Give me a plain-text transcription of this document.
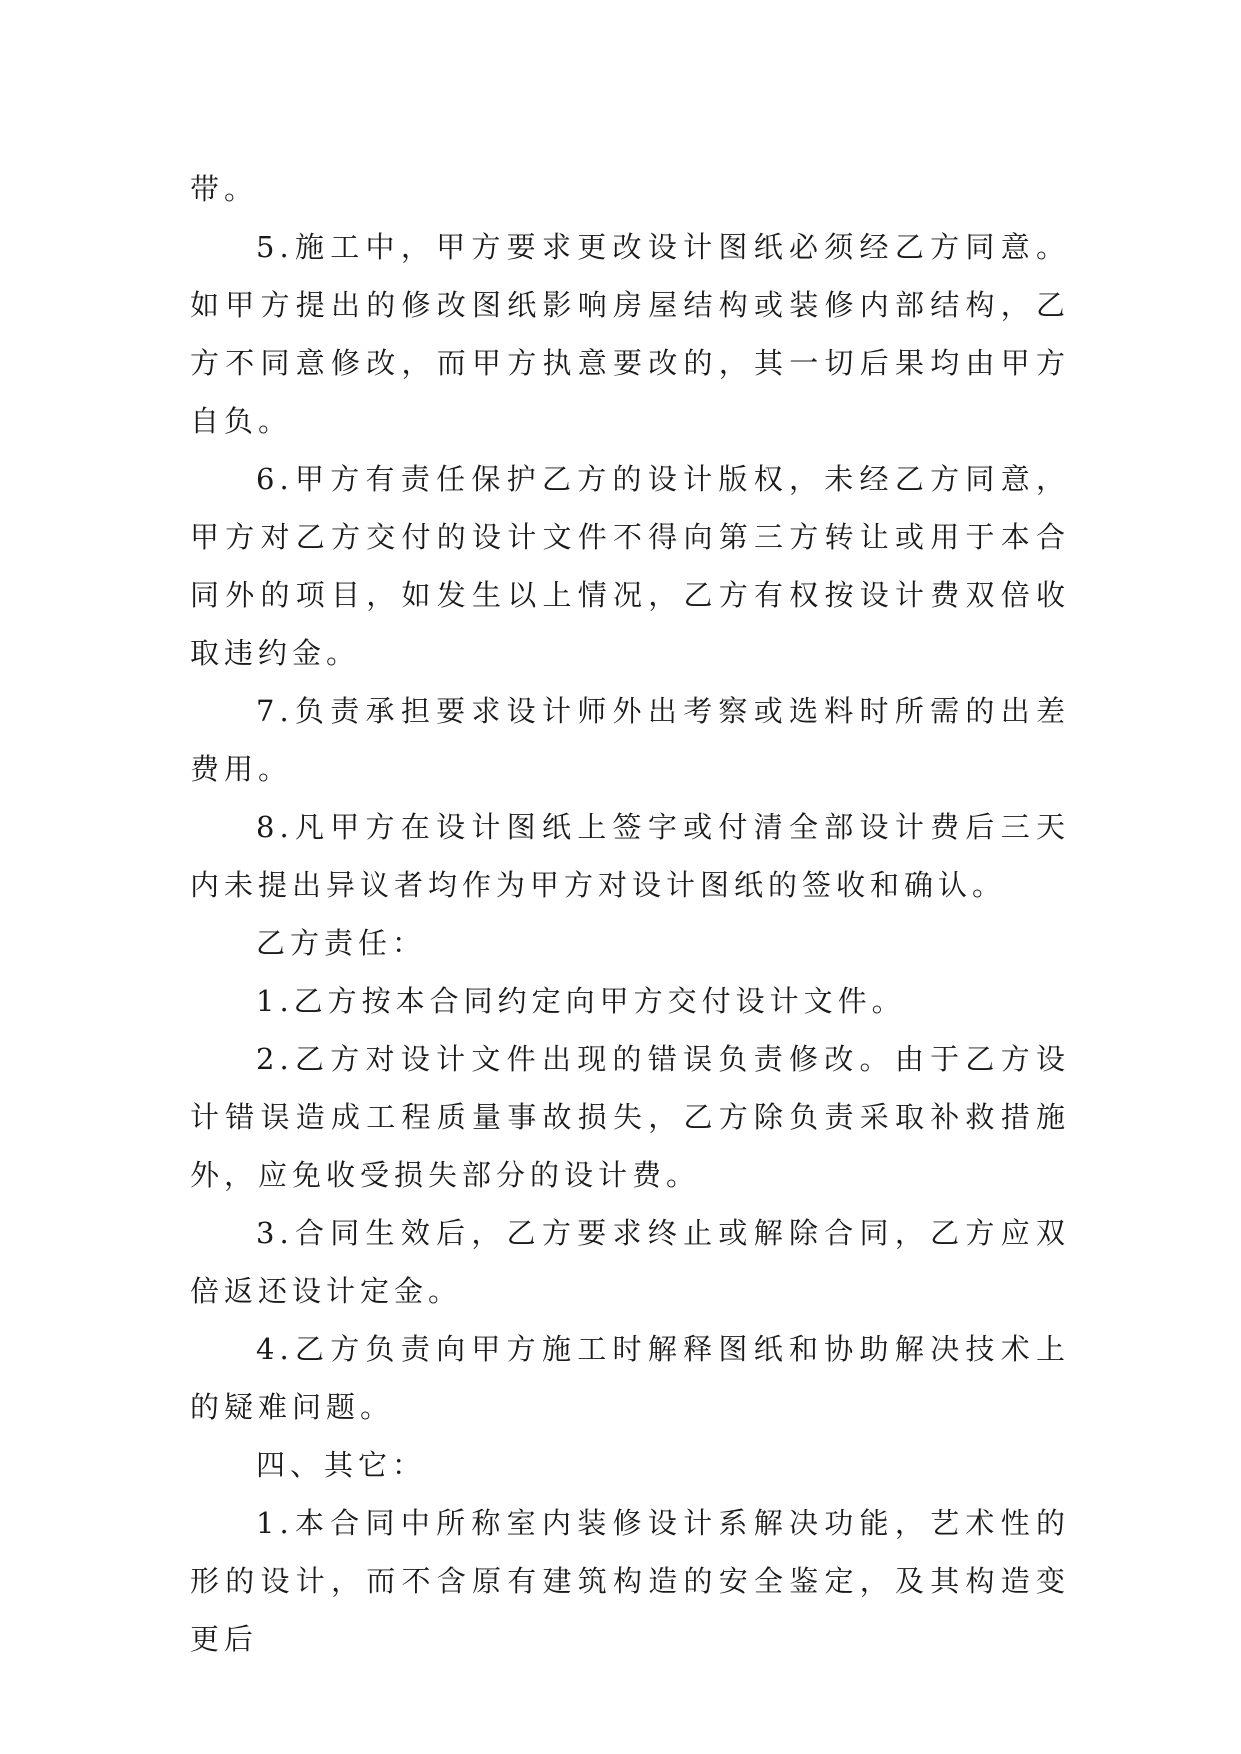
带。

5.施工中，甲方要求更改设计图纸必须经乙方同意。如甲方提出的修改图纸影响房屋结构或装修内部结构，乙方不同意修改，而甲方执意要改的，其一切后果均由甲方自负。

6.甲方有责任保护乙方的设计版权，未经乙方同意，甲方对乙方交付的设计文件不得向第三方转让或用于本合同外的项目，如发生以上情况，乙方有权按设计费双倍收取违约金。

7.负责承担要求设计师外出考察或选料时所需的出差费用。

8.凡甲方在设计图纸上签字或付清全部设计费后三天内未提出异议者均作为甲方对设计图纸的签收和确认。

乙方责任：

1.乙方按本合同约定向甲方交付设计文件。

2.乙方对设计文件出现的错误负责修改。由于乙方设计错误造成工程质量事故损失，乙方除负责采取补救措施外，应免收受损失部分的设计费。

3.合同生效后，乙方要求终止或解除合同，乙方应双倍返还设计定金。

4.乙方负责向甲方施工时解释图纸和协助解决技术上的疑难问题。

四、其它：

1.本合同中所称室内装修设计系解决功能，艺术性的形的设计，而不含原有建筑构造的安全鉴定，及其构造变更后
